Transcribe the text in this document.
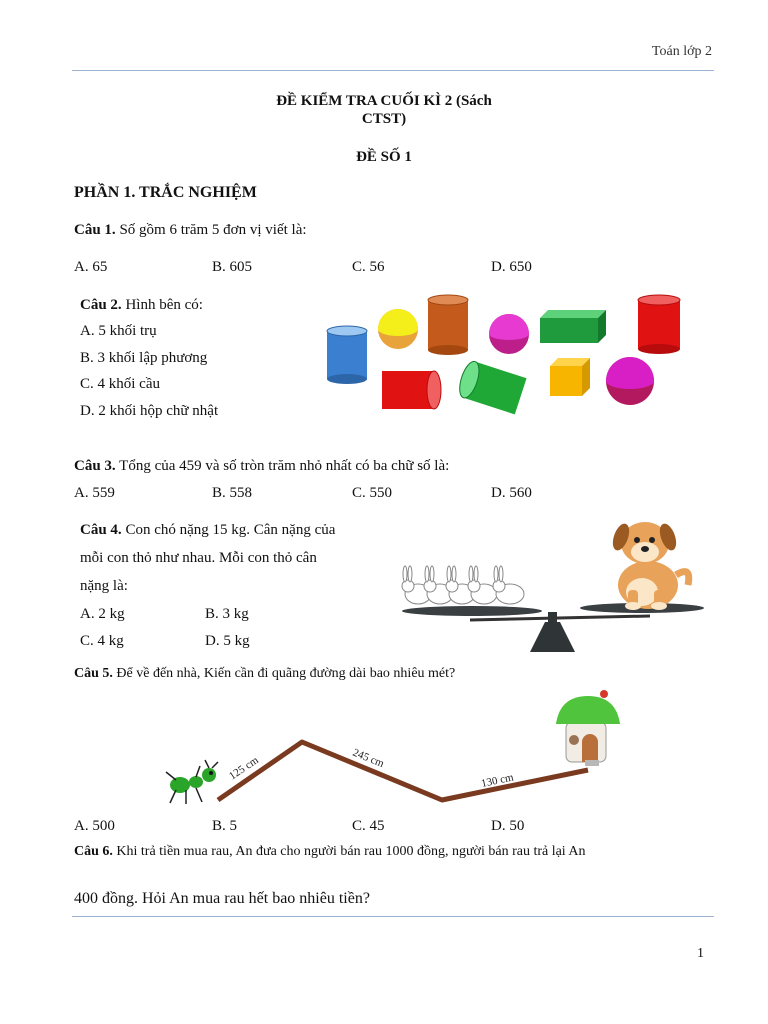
Toán lớp 2
ĐỀ KIỂM TRA CUỐI KÌ 2 (Sách
CTST)
ĐỀ SỐ 1
PHẦN 1. TRẮC NGHIỆM
Câu 1. Số gồm 6 trăm 5 đơn vị viết là:
A. 65	B. 605	C. 56	D. 650
Câu 2. Hình bên có:
A. 5 khối trụ
B. 3 khối lập phương
C. 4 khối cầu
D. 2 khối hộp chữ nhật
Câu 3. Tổng của 459 và số tròn trăm nhỏ nhất có ba chữ số là:
A. 559	B. 558	C. 550	D. 560
Câu 4. Con chó nặng 15 kg. Cân nặng của
mỗi con thỏ như nhau. Mỗi con thỏ cân
nặng là:
A. 2 kg	B. 3 kg
C. 4 kg	D. 5 kg
Câu 5. Để về đến nhà, Kiến cần đi quãng đường dài bao nhiêu mét?
125 cm	245 cm
130 cm
A. 500	B. 5	C. 45	D. 50
Câu 6. Khi trả tiền mua rau, An đưa cho người bán rau 1000 đồng, người bán rau trả lại An
400 đồng. Hỏi An mua rau hết bao nhiêu tiền?
1
